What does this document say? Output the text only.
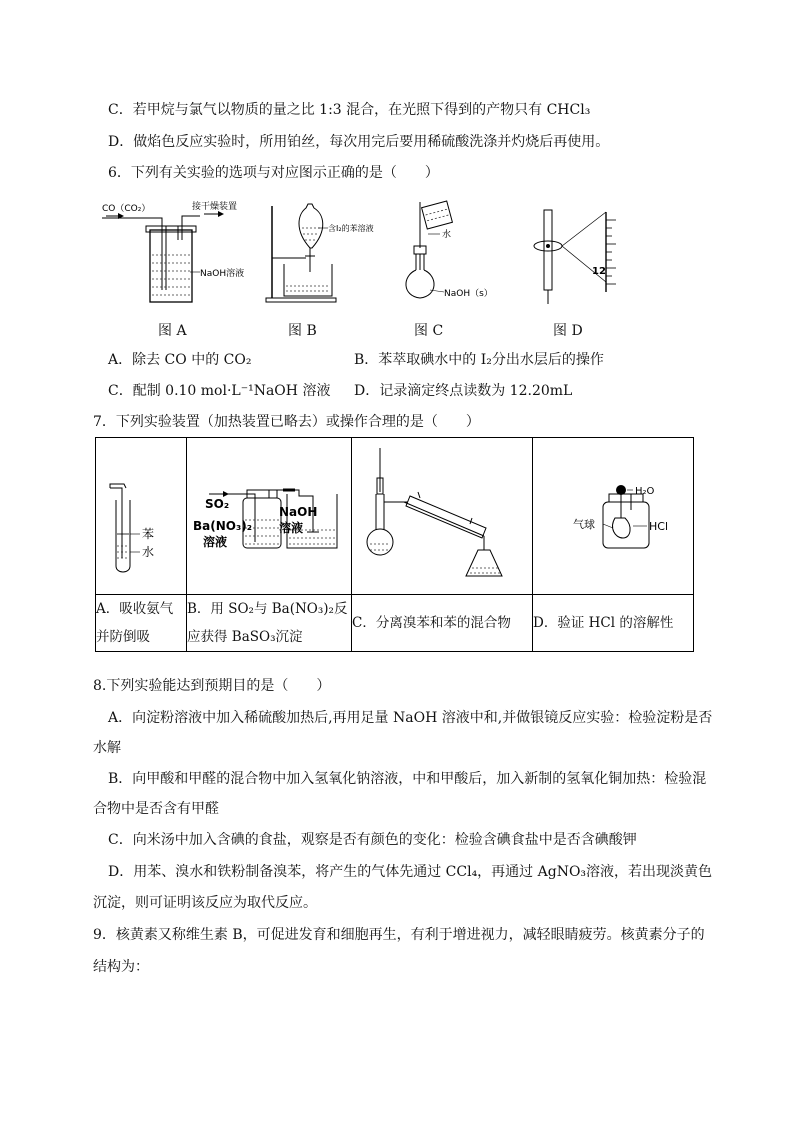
C．若甲烷与氯气以物质的量之比 1:3 混合，在光照下得到的产物只有 CHCl₃
D．做焰色反应实验时，所用铂丝，每次用完后要用稀硫酸洗涤并灼烧后再使用。
6．下列有关实验的选项与对应图示正确的是（　　）
CO（CO₂）	接干燥装置
NaOH溶液
含I₂的苯溶液
水
NaOH（s）
12
图 A	图 B	图 C	图 D
A．除去 CO 中的 CO₂	B．苯萃取碘水中的 I₂分出水层后的操作
C．配制 0.10 mol·L⁻¹NaOH 溶液 D．记录滴定终点读数为 12.20mL
7．下列实验装置（加热装置已略去）或操作合理的是（　　）
苯
水	SO₂
Ba(NO₃)₂
溶液
NaOH
溶液		H₂O
气球 HCl

A．吸收氨气并防倒吸	B．用 SO₂与 Ba(NO₃)₂反应获得 BaSO₃沉淀	C．分离溴苯和苯的混合物	D．验证 HCl 的溶解性
8.下列实验能达到预期目的是（　　）
A．向淀粉溶液中加入稀硫酸加热后,再用足量 NaOH 溶液中和,并做银镜反应实验：检验淀粉是否
水解
B．向甲酸和甲醛的混合物中加入氢氧化钠溶液，中和甲酸后，加入新制的氢氧化铜加热：检验混
合物中是否含有甲醛
C．向米汤中加入含碘的食盐，观察是否有颜色的变化：检验含碘食盐中是否含碘酸钾
D．用苯、溴水和铁粉制备溴苯，将产生的气体先通过 CCl₄，再通过 AgNO₃溶液，若出现淡黄色
沉淀，则可证明该反应为取代反应。
9．核黄素又称维生素 B，可促进发育和细胞再生，有利于增进视力，减轻眼睛疲劳。核黄素分子的
结构为：
